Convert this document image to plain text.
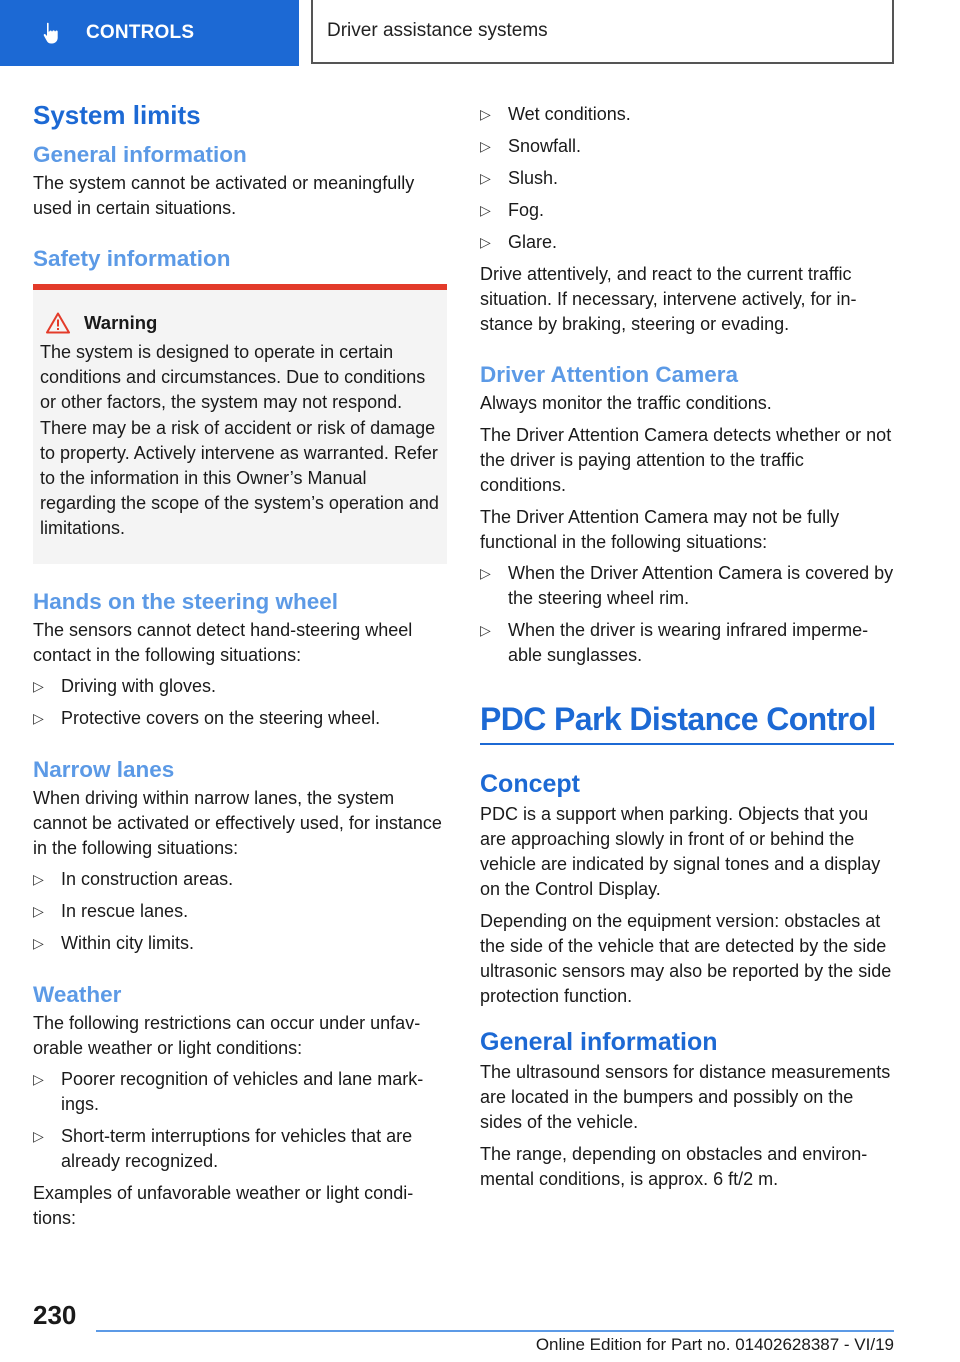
CONTROLS	Driver assistance systems
System limits
General information

The system cannot be activated or meaningfully used in certain situations.

Safety information
Warning

The system is designed to operate in certain conditions and circumstances. Due to conditions or other factors, the system may not respond. There may be a risk of accident or risk of damage to property. Actively intervene as warranted. Refer to the information in this Owner’s Manual regarding the scope of the system’s operation and limitations.

Hands on the steering wheel

The sensors cannot detect hand-steering wheel contact in the following situations:

▷ Driving with gloves.
▷ Protective covers on the steering wheel.
Narrow lanes

When driving within narrow lanes, the system cannot be activated or effectively used, for instance in the following situations:

▷ In construction areas.
▷ In rescue lanes.
▷ Within city limits.
Weather

The following restrictions can occur under unfavorable weather or light conditions:

▷ Poorer recognition of vehicles and lane markings.
▷ Short-term interruptions for vehicles that are already recognized.

Examples of unfavorable weather or light conditions:

▷ Wet conditions.
▷ Snowfall.
▷ Slush.
▷ Fog.
▷ Glare.

Drive attentively, and react to the current traffic situation. If necessary, intervene actively, for instance by braking, steering or evading.

Driver Attention Camera

Always monitor the traffic conditions.

The Driver Attention Camera detects whether or not the driver is paying attention to the traffic conditions.

The Driver Attention Camera may not be fully functional in the following situations:

▷ When the Driver Attention Camera is covered by the steering wheel rim.
▷ When the driver is wearing infrared impermeable sunglasses.
PDC Park Distance Control
Concept

PDC is a support when parking. Objects that you are approaching slowly in front of or behind the vehicle are indicated by signal tones and a display on the Control Display.

Depending on the equipment version: obstacles at the side of the vehicle that are detected by the side ultrasonic sensors may also be reported by the side protection function.

General information

The ultrasound sensors for distance measurements are located in the bumpers and possibly on the sides of the vehicle.

The range, depending on obstacles and environmental conditions, is approx. 6 ft/2 m.

230
Online Edition for Part no. 01402628387 - VI/19
